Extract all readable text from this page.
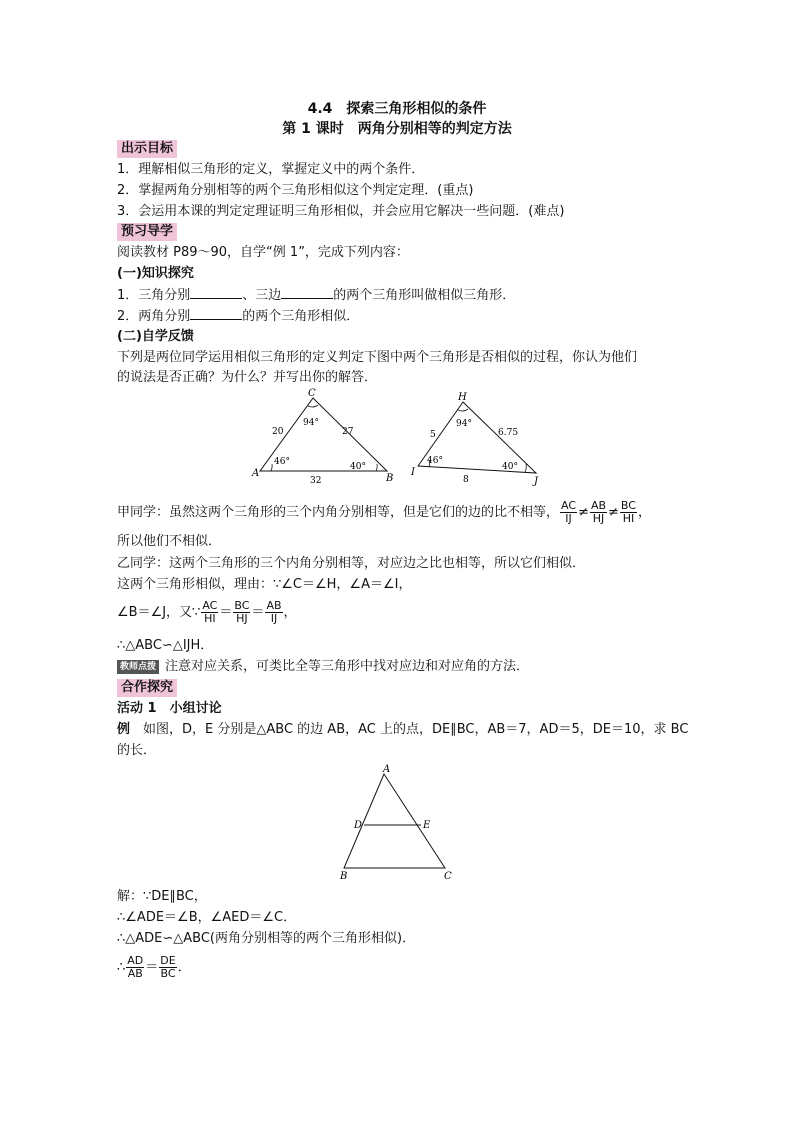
4.4　探索三角形相似的条件
第 1 课时　两角分别相等的判定方法
出示目标
1．理解相似三角形的定义，掌握定义中的两个条件．
2．掌握两角分别相等的两个三角形相似这个判定定理．(重点)
3．会运用本课的判定定理证明三角形相似，并会应用它解决一些问题．(难点)
预习导学
阅读教材 P89～90，自学“例 1”，完成下列内容：
(一)知识探究
1．三角分别	、三边	的两个三角形叫做相似三角形．
2．两角分别	的两个三角形相似．
(二)自学反馈
下列是两位同学运用相似三角形的定义判定下图中两个三角形是否相似的过程，你认为他们
的说法是否正确？为什么？并写出你的解答．
C
A	B
20	27
32
46°	40°
94°
H
I
J
5	6.75
8
46°
40°
94°
甲同学：虽然这两个三角形的三个内角分别相等，但是它们的边的比不相等， $\frac{AC}{IJ} \ne \frac{AB}{HJ} \ne \frac{BC}{HI}$ ，
所以他们不相似．
乙同学：这两个三角形的三个内角分别相等，对应边之比也相等，所以它们相似．
这两个三角形相似，理由：∵∠C＝∠H，∠A＝∠I，
∠B＝∠J，又∵ $\frac{AC}{HI} = \frac{BC}{HJ} = \frac{AB}{IJ}$ ，
∴△ABC∽△IJH．
教师点拨 注意对应关系，可类比全等三角形中找对应边和对应角的方法．
合作探究
活动 1　小组讨论
例　如图，D，E 分别是△ABC 的边 AB，AC 上的点，DE∥BC，AB＝7，AD＝5，DE＝10，求 BC
的长．
A
D	E
B	C
解：∵DE∥BC，
∴∠ADE＝∠B，∠AED＝∠C．
∴△ADE∽△ABC(两角分别相等的两个三角形相似)．
∴ $\frac{AD}{AB} = \frac{DE}{BC}$ ．
